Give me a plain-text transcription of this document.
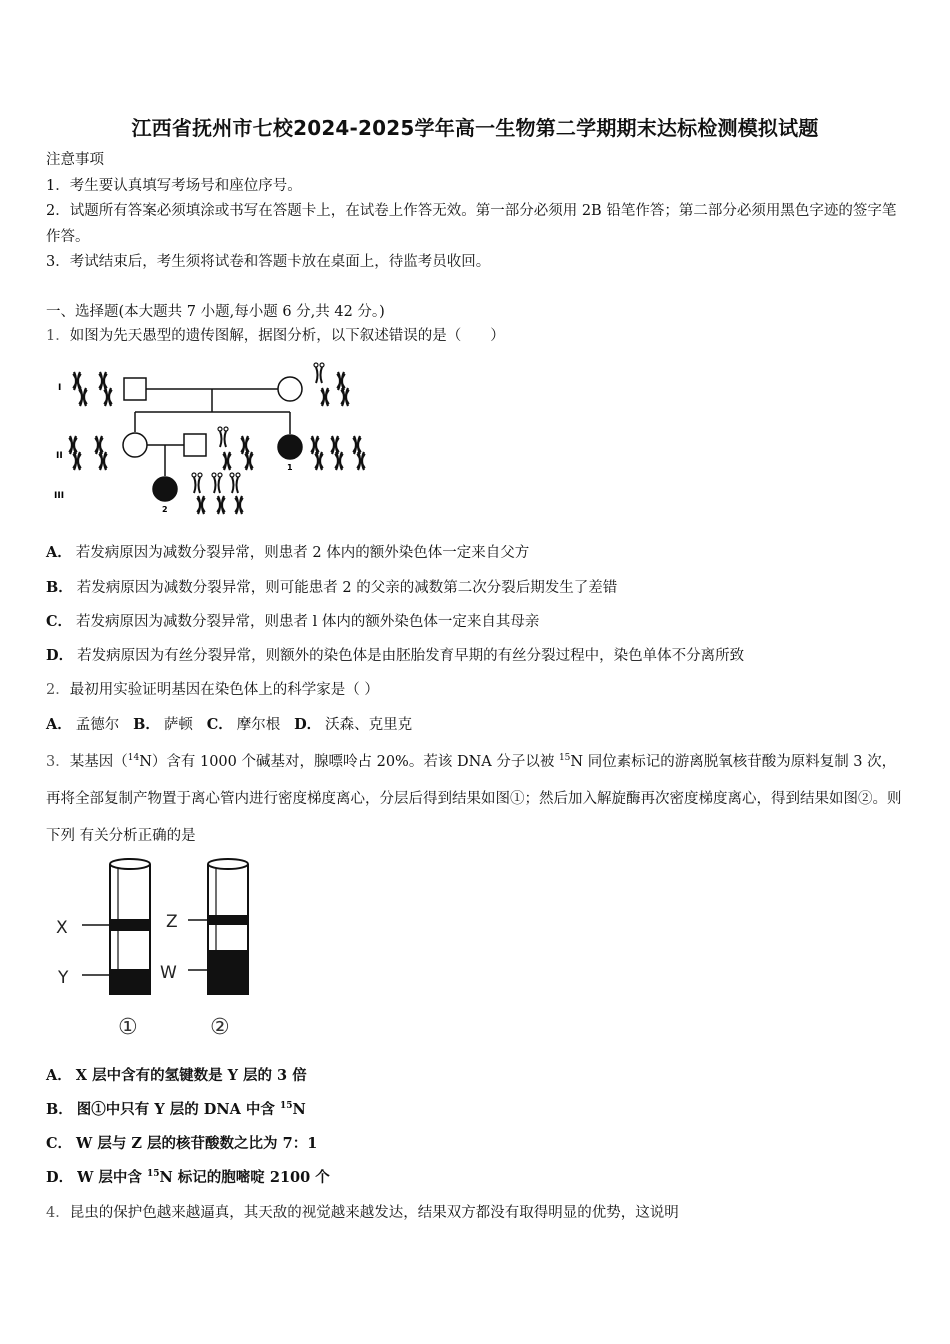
江西省抚州市七校2024-2025学年高一生物第二学期期末达标检测模拟试题
注意事项
1．考生要认真填写考场号和座位序号。
2．试题所有答案必须填涂或书写在答题卡上，在试卷上作答无效。第一部分必须用 2B 铅笔作答；第二部分必须用黑色字迹的签字笔作答。
3．考试结束后，考生须将试卷和答题卡放在桌面上，待监考员收回。
一、选择题(本大题共 7 小题,每小题 6 分,共 42 分。)
1．如图为先天愚型的遗传图解，据图分析，以下叙述错误的是（　　）
I
II
III
1
2
A． 若发病原因为减数分裂异常，则患者 2 体内的额外染色体一定来自父方
B． 若发病原因为减数分裂异常，则可能患者 2 的父亲的减数第二次分裂后期发生了差错
C． 若发病原因为减数分裂异常，则患者 l 体内的额外染色体一定来自其母亲
D． 若发病原因为有丝分裂异常，则额外的染色体是由胚胎发育早期的有丝分裂过程中，染色单体不分离所致
2．最初用实验证明基因在染色体上的科学家是（ ）
A． 孟德尔 B． 萨顿 C． 摩尔根 D． 沃森、克里克
3．某基因（$^{14}$N）含有 1000 个碱基对，腺嘌呤占 20%。若该 DNA 分子以被 $^{15}$N 同位素标记的游离脱氧核苷酸为原料复制 3 次，再将全部复制产物置于离心管内进行密度梯度离心，分层后得到结果如图①；然后加入解旋酶再次密度梯度离心，得到结果如图②。则下列 有关分析正确的是
X
Y
①
Z
W
②
A． X 层中含有的氢键数是 Y 层的 3 倍
B． 图①中只有 Y 层的 DNA 中含 $^{15}$N
C． W 层与 Z 层的核苷酸数之比为 7：1
D． W 层中含 $^{15}$N 标记的胞嘧啶 2100 个
4．昆虫的保护色越来越逼真，其天敌的视觉越来越发达，结果双方都没有取得明显的优势，这说明
